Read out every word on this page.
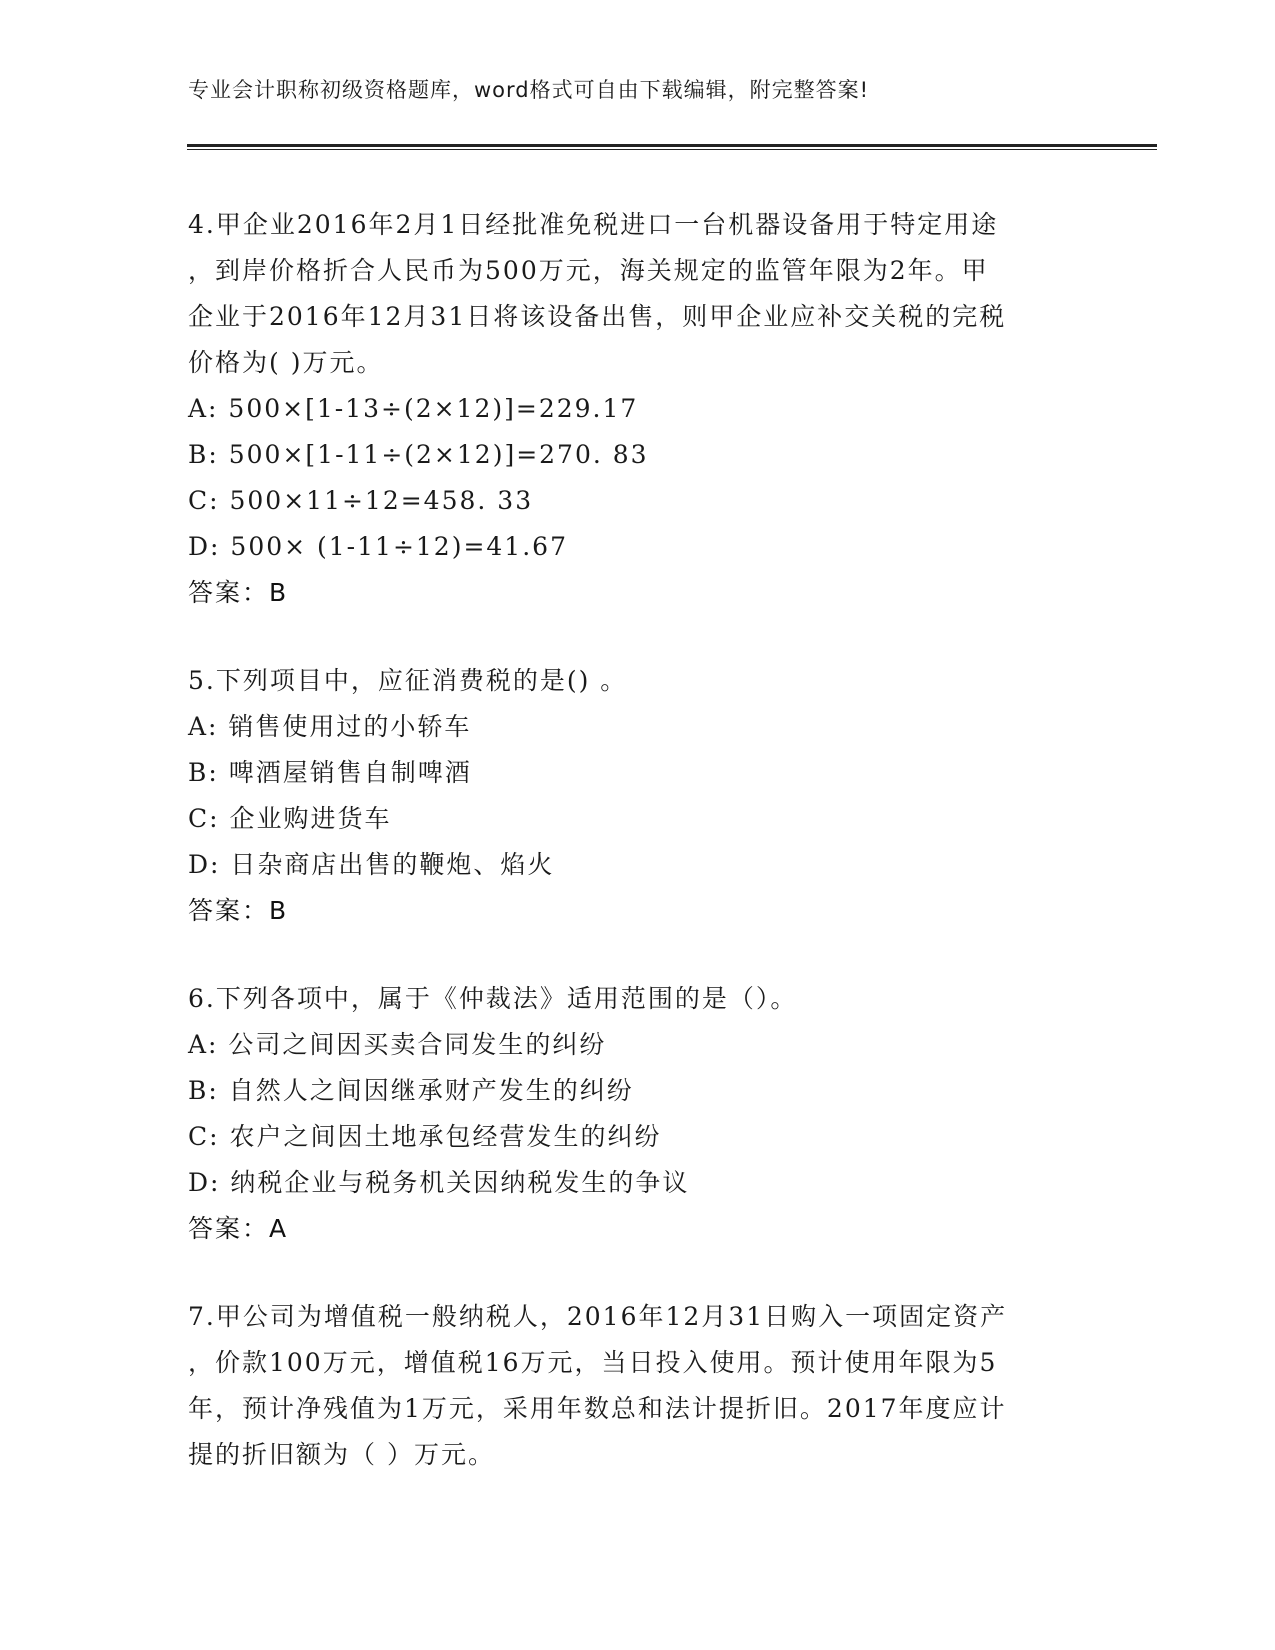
专业会计职称初级资格题库，word格式可自由下载编辑，附完整答案!
4.甲企业2016年2月1日经批准免税进口一台机器设备用于特定用途
，到岸价格折合人民币为500万元，海关规定的监管年限为2年。甲
企业于2016年12月31日将该设备出售，则甲企业应补交关税的完税
价格为( )万元。
A: 500×[1-13÷(2×12)]=229.17
B: 500×[1-11÷(2×12)]=270. 83
C: 500×11÷12=458. 33
D: 500× (1-11÷12)=41.67
答案：B
5.下列项目中，应征消费税的是() 。
A: 销售使用过的小轿车
B: 啤酒屋销售自制啤酒
C: 企业购进货车
D: 日杂商店出售的鞭炮、焰火
答案：B
6.下列各项中，属于《仲裁法》适用范围的是（）。
A: 公司之间因买卖合同发生的纠纷
B: 自然人之间因继承财产发生的纠纷
C: 农户之间因土地承包经营发生的纠纷
D: 纳税企业与税务机关因纳税发生的争议
答案：A
7.甲公司为增值税一般纳税人，2016年12月31日购入一项固定资产
，价款100万元，增值税16万元，当日投入使用。预计使用年限为5
年，预计净残值为1万元，采用年数总和法计提折旧。2017年度应计
提的折旧额为（ ）万元。
